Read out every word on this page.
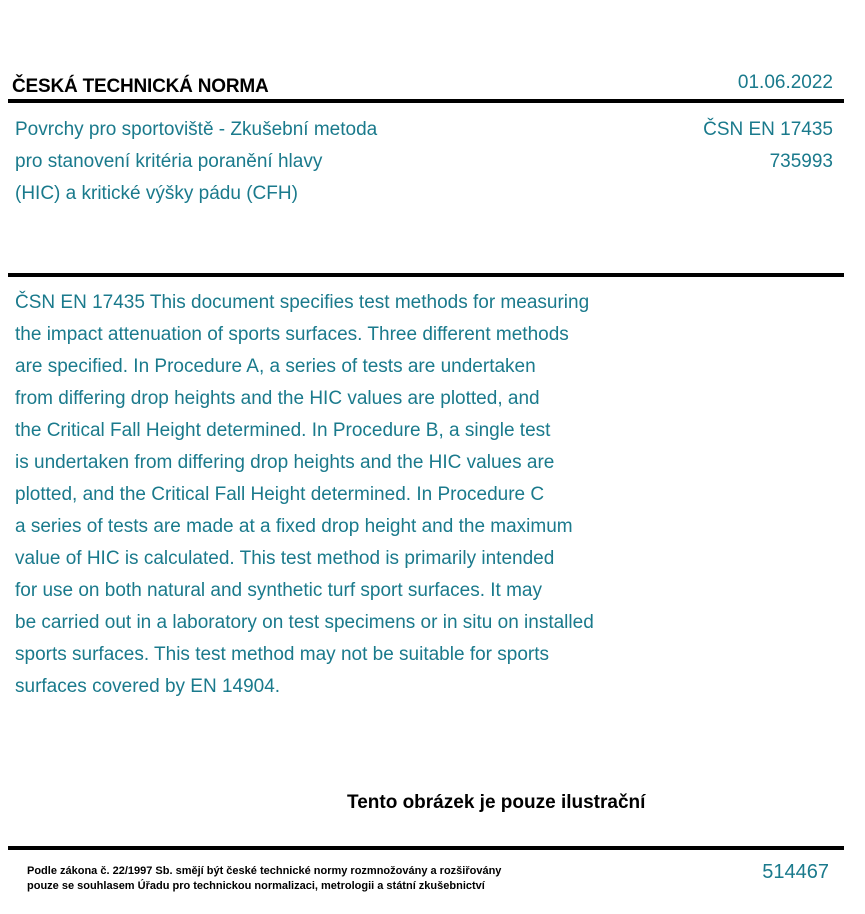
ČESKÁ TECHNICKÁ NORMA	01.06.2022
Povrchy pro sportoviště - Zkušební metoda
pro stanovení kritéria poranění hlavy
(HIC) a kritické výšky pádu (CFH)
ČSN EN 17435
735993
ČSN EN 17435 This document specifies test methods for measuring
the impact attenuation of sports surfaces. Three different methods
are specified. In Procedure A, a series of tests are undertaken
from differing drop heights and the HIC values are plotted, and
the Critical Fall Height determined. In Procedure B, a single test
is undertaken from differing drop heights and the HIC values are
plotted, and the Critical Fall Height determined. In Procedure C
a series of tests are made at a fixed drop height and the maximum
value of HIC is calculated. This test method is primarily intended
for use on both natural and synthetic turf sport surfaces. It may
be carried out in a laboratory on test specimens or in situ on installed
sports surfaces. This test method may not be suitable for sports
surfaces covered by EN 14904.
Tento obrázek je pouze ilustrační
Podle zákona č. 22/1997 Sb. smějí být české technické normy rozmnožovány a rozšiřovány
pouze se souhlasem Úřadu pro technickou normalizaci, metrologii a státní zkušebnictví
514467
